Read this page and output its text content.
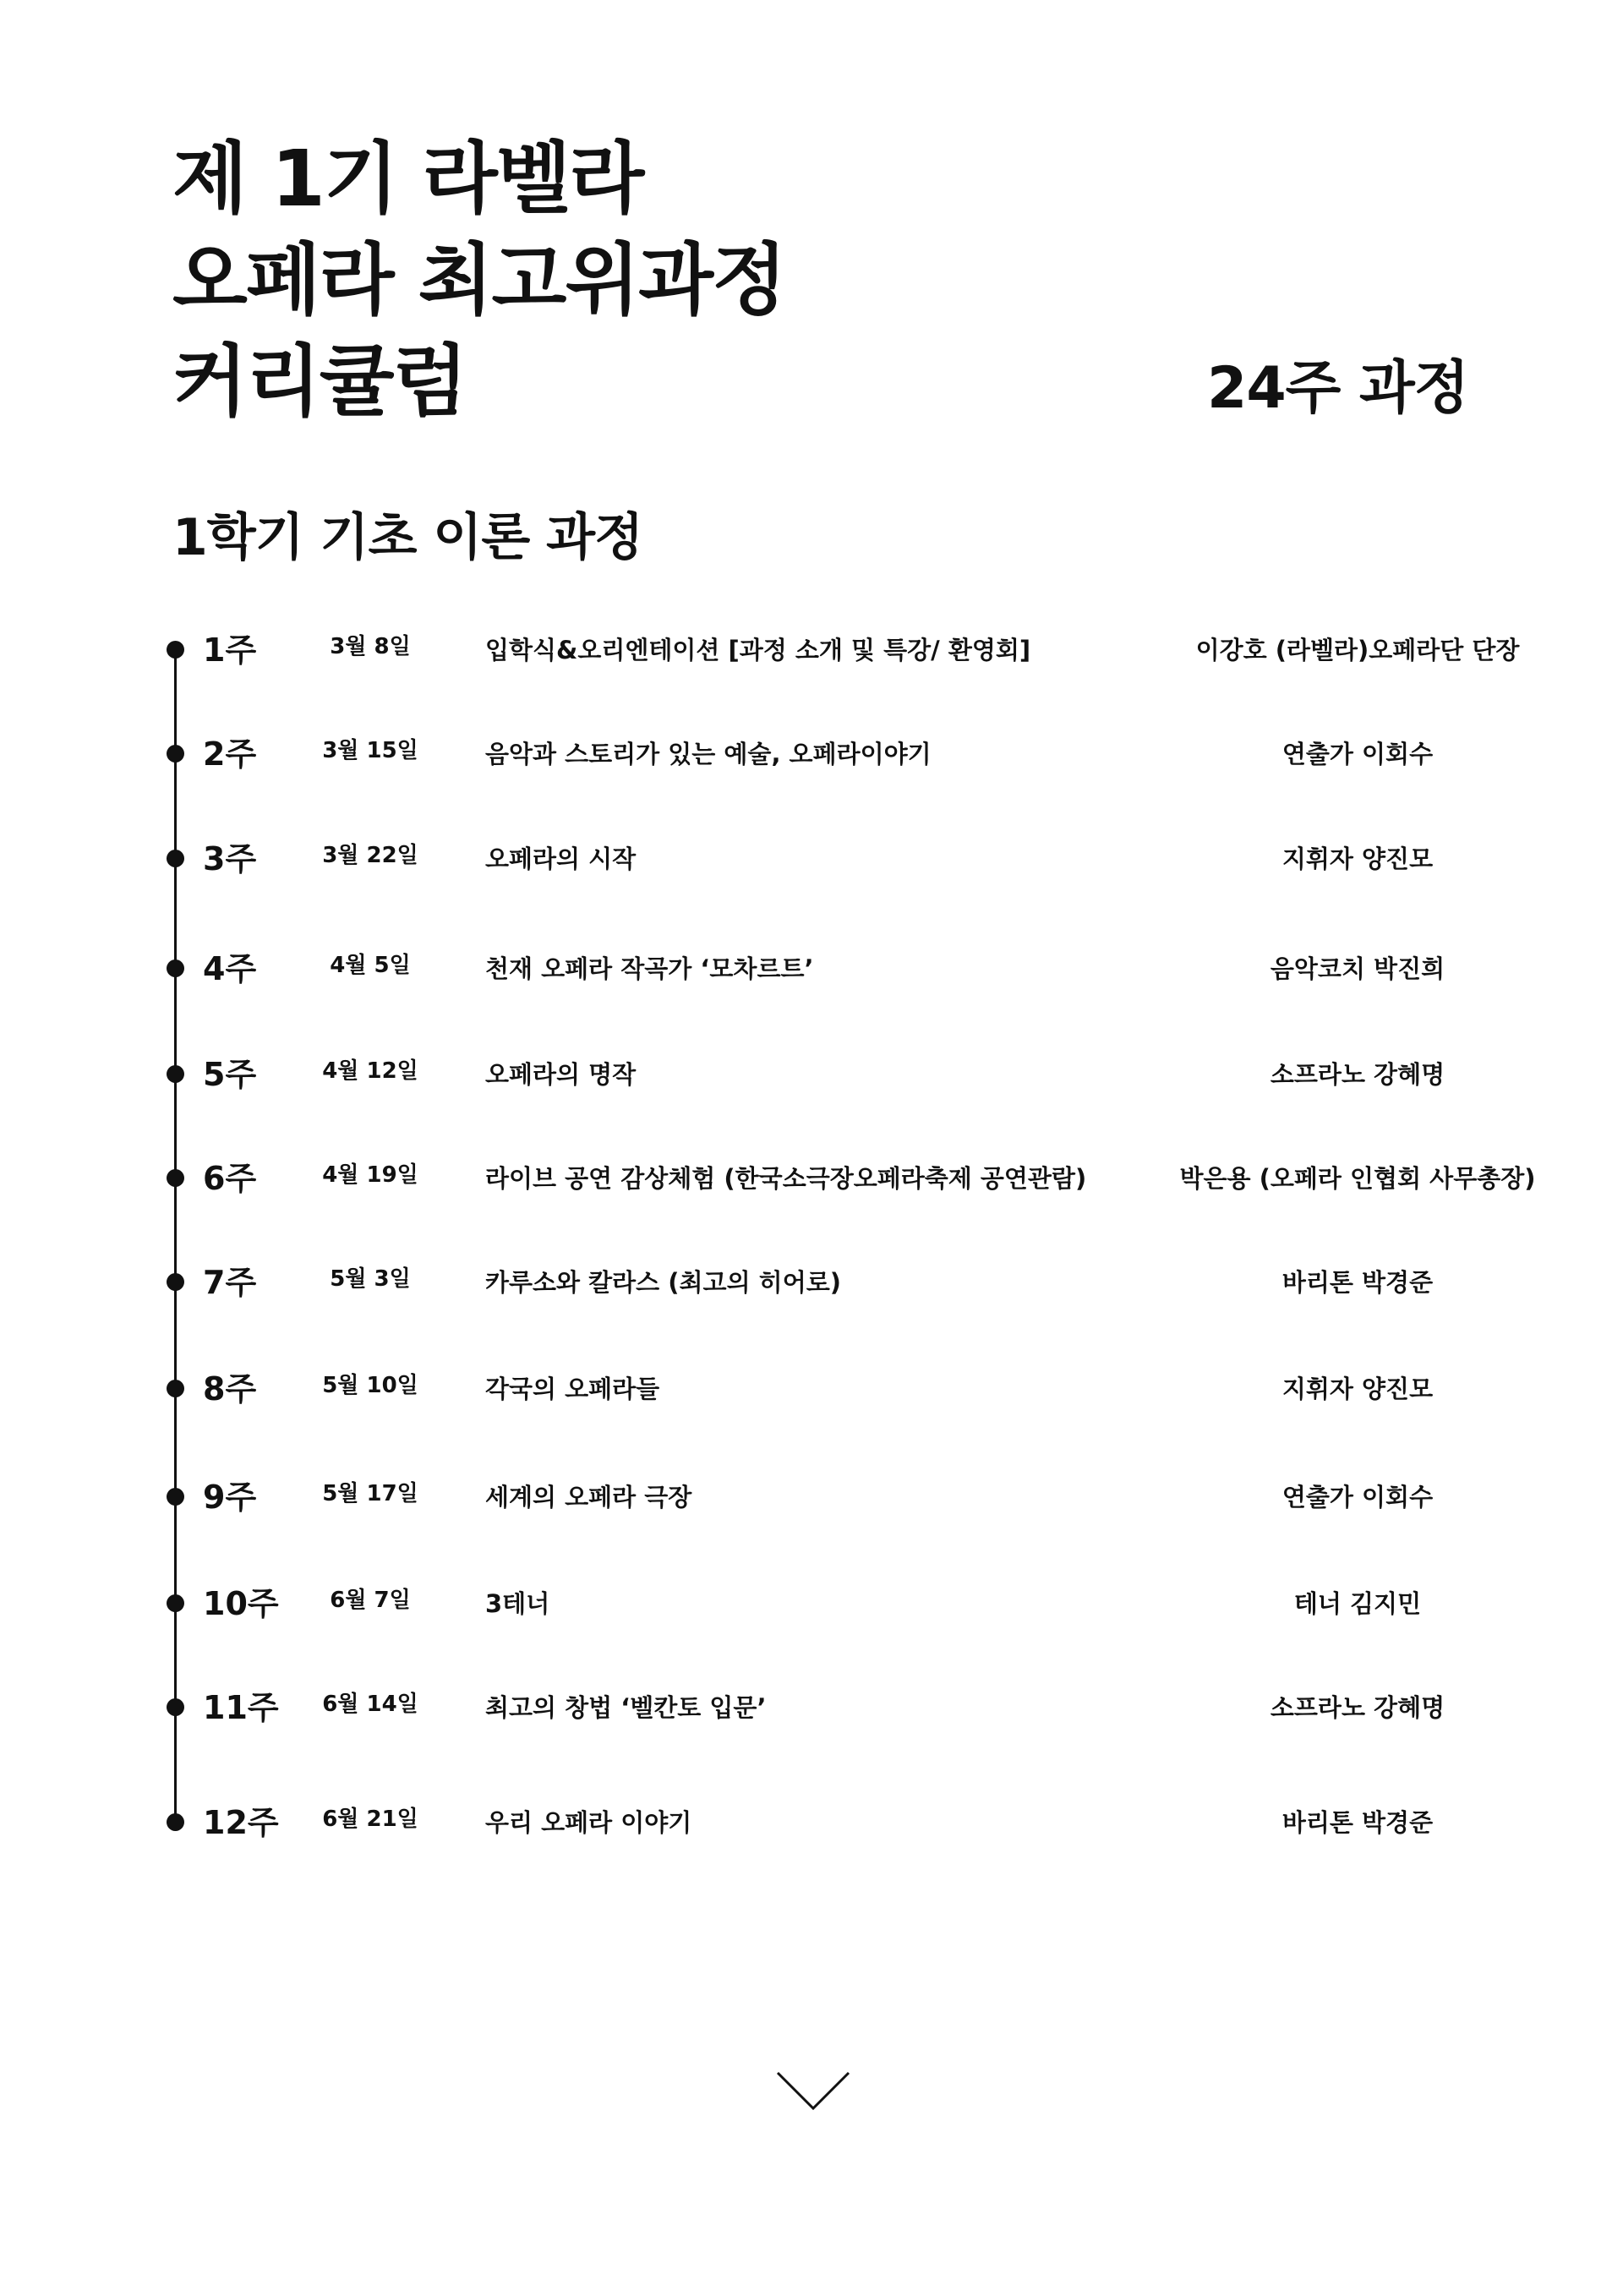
제 1기 라벨라
오페라 최고위과정
커리큘럼	24주 과정
1학기 기초 이론 과정
1주	3월 8일	입학식&오리엔테이션 [과정 소개 및 특강/ 환영회]	이강호 (라벨라)오페라단 단장
2주	3월 15일	음악과 스토리가 있는 예술, 오페라이야기	연출가 이회수
3주	3월 22일	오페라의 시작	지휘자 양진모
4주	4월 5일	천재 오페라 작곡가 ‘모차르트’	음악코치 박진희
5주	4월 12일	오페라의 명작	소프라노 강혜명
6주	4월 19일	라이브 공연 감상체험 (한국소극장오페라축제 공연관람)	박은용 (오페라 인협회 사무총장)
7주	5월 3일	카루소와 칼라스 (최고의 히어로)	바리톤 박경준
8주	5월 10일	각국의 오페라들	지휘자 양진모
9주	5월 17일	세계의 오페라 극장	연출가 이회수
10주 6월 7일	3테너	테너 김지민
11주 6월 14일	최고의 창법 ‘벨칸토 입문’	소프라노 강혜명
12주 6월 21일	우리 오페라 이야기	바리톤 박경준
